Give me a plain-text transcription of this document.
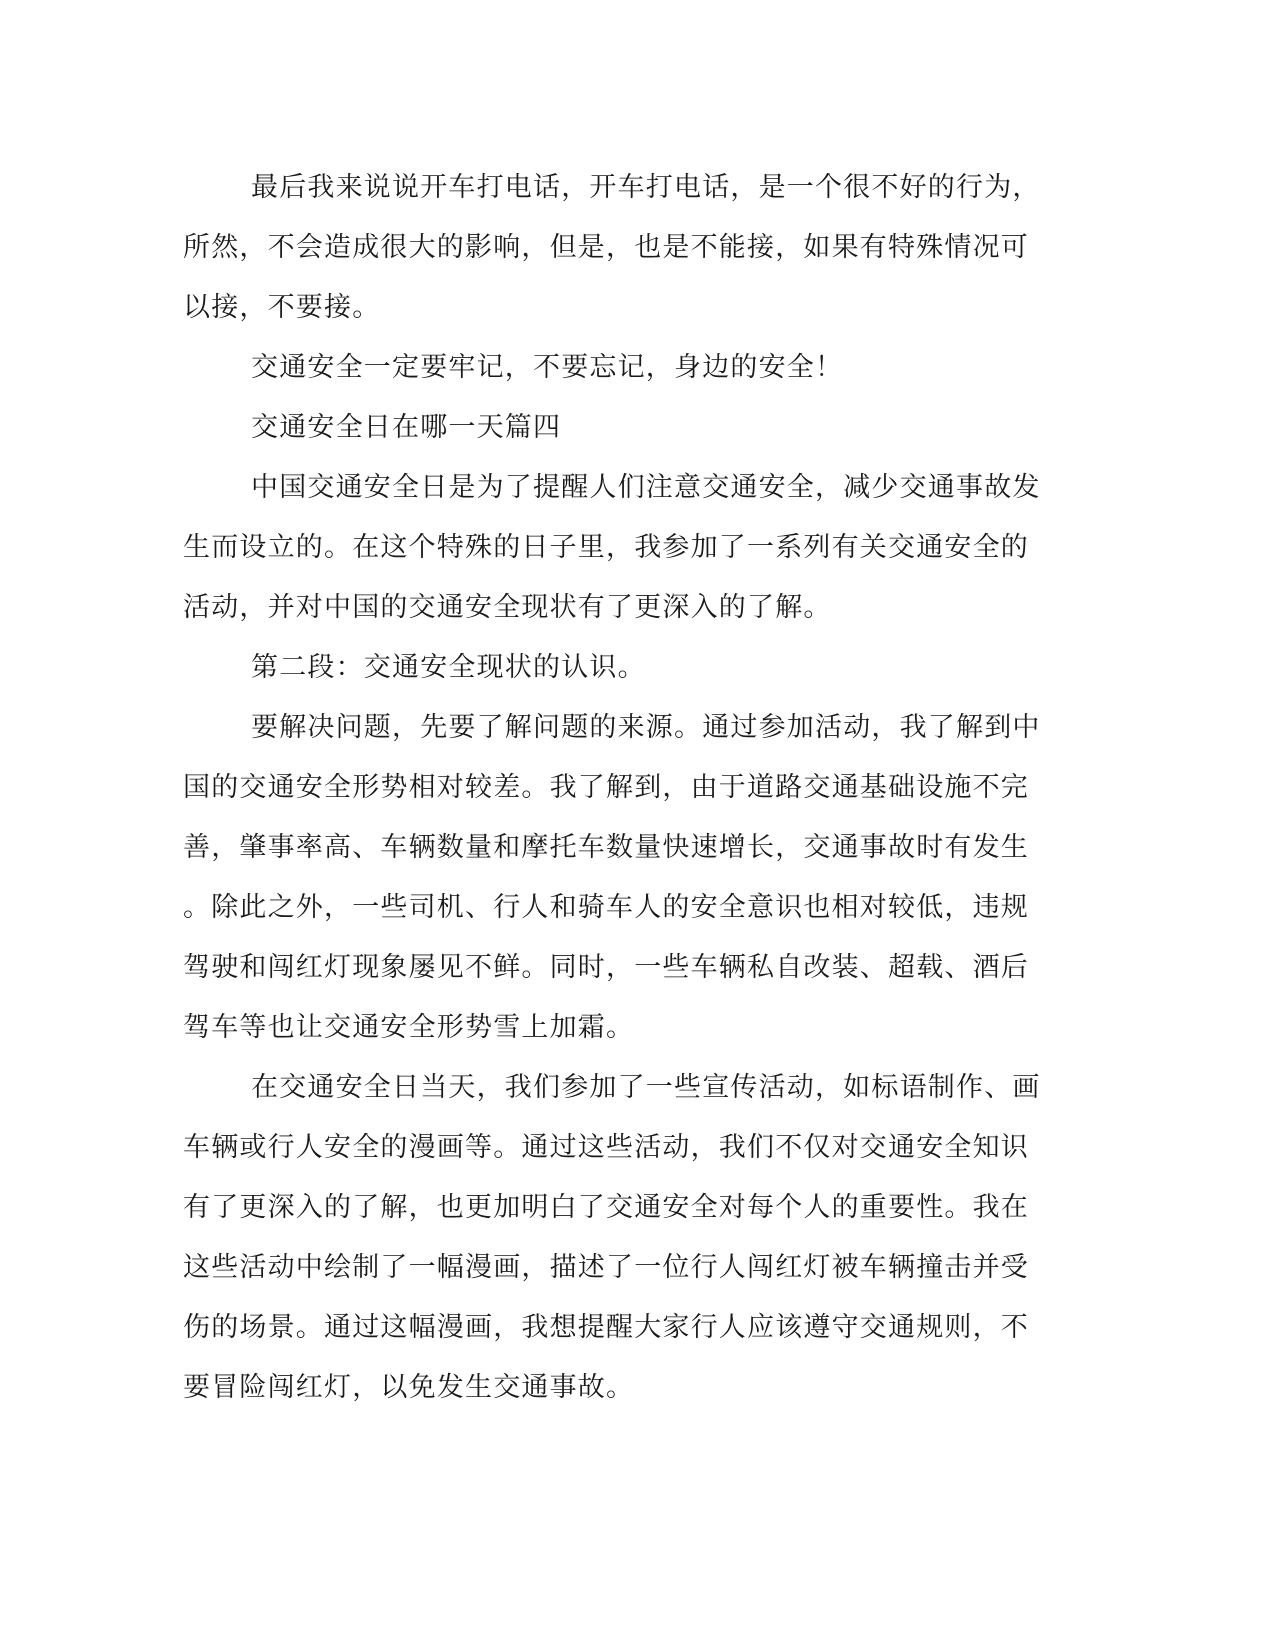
最后我来说说开车打电话，开车打电话，是一个很不好的行为，
所然，不会造成很大的影响，但是，也是不能接，如果有特殊情况可
以接，不要接。
交通安全一定要牢记，不要忘记，身边的安全！
交通安全日在哪一天篇四
中国交通安全日是为了提醒人们注意交通安全，减少交通事故发
生而设立的。在这个特殊的日子里，我参加了一系列有关交通安全的
活动，并对中国的交通安全现状有了更深入的了解。
第二段：交通安全现状的认识。
要解决问题，先要了解问题的来源。通过参加活动，我了解到中
国的交通安全形势相对较差。我了解到，由于道路交通基础设施不完
善，肇事率高、车辆数量和摩托车数量快速增长，交通事故时有发生
。除此之外，一些司机、行人和骑车人的安全意识也相对较低，违规
驾驶和闯红灯现象屡见不鲜。同时，一些车辆私自改装、超载、酒后
驾车等也让交通安全形势雪上加霜。
在交通安全日当天，我们参加了一些宣传活动，如标语制作、画
车辆或行人安全的漫画等。通过这些活动，我们不仅对交通安全知识
有了更深入的了解，也更加明白了交通安全对每个人的重要性。我在
这些活动中绘制了一幅漫画，描述了一位行人闯红灯被车辆撞击并受
伤的场景。通过这幅漫画，我想提醒大家行人应该遵守交通规则，不
要冒险闯红灯，以免发生交通事故。
